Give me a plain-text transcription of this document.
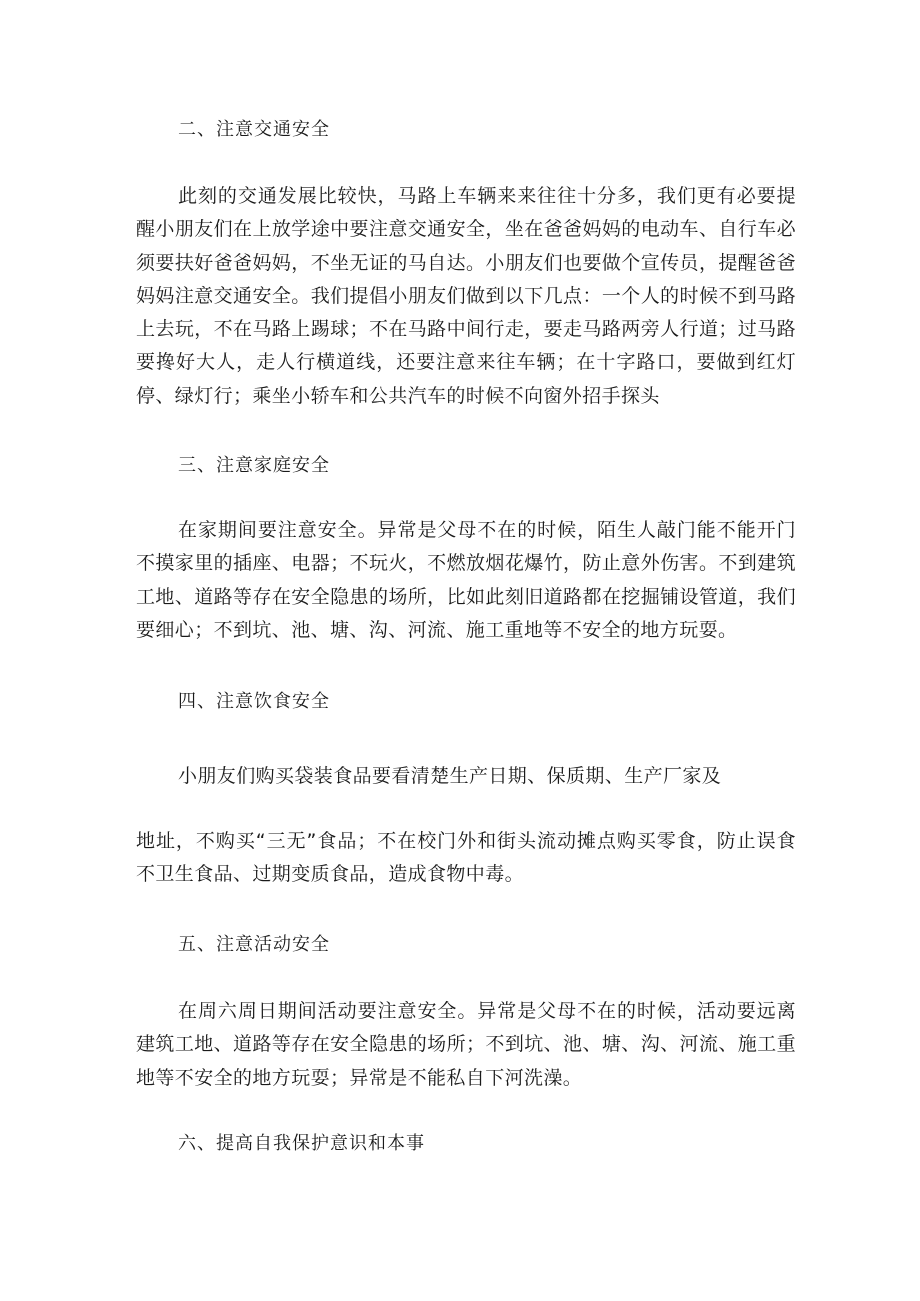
二、注意交通安全

此刻的交通发展比较快，马路上车辆来来往往十分多，我们更有必要提醒小朋友们在上放学途中要注意交通安全，坐在爸爸妈妈的电动车、自行车必须要扶好爸爸妈妈，不坐无证的马自达。小朋友们也要做个宣传员，提醒爸爸妈妈注意交通安全。我们提倡小朋友们做到以下几点：一个人的时候不到马路上去玩，不在马路上踢球；不在马路中间行走，要走马路两旁人行道；过马路要搀好大人，走人行横道线，还要注意来往车辆；在十字路口，要做到红灯停、绿灯行；乘坐小轿车和公共汽车的时候不向窗外招手探头

三、注意家庭安全

在家期间要注意安全。异常是父母不在的时候，陌生人敲门能不能开门不摸家里的插座、电器；不玩火，不燃放烟花爆竹，防止意外伤害。不到建筑工地、道路等存在安全隐患的场所，比如此刻旧道路都在挖掘铺设管道，我们要细心；不到坑、池、塘、沟、河流、施工重地等不安全的地方玩耍。

四、注意饮食安全

小朋友们购买袋装食品要看清楚生产日期、保质期、生产厂家及

地址，不购买“三无”食品；不在校门外和街头流动摊点购买零食，防止误食不卫生食品、过期变质食品，造成食物中毒。

五、注意活动安全

在周六周日期间活动要注意安全。异常是父母不在的时候，活动要远离建筑工地、道路等存在安全隐患的场所；不到坑、池、塘、沟、河流、施工重地等不安全的地方玩耍；异常是不能私自下河洗澡。

六、提高自我保护意识和本事
